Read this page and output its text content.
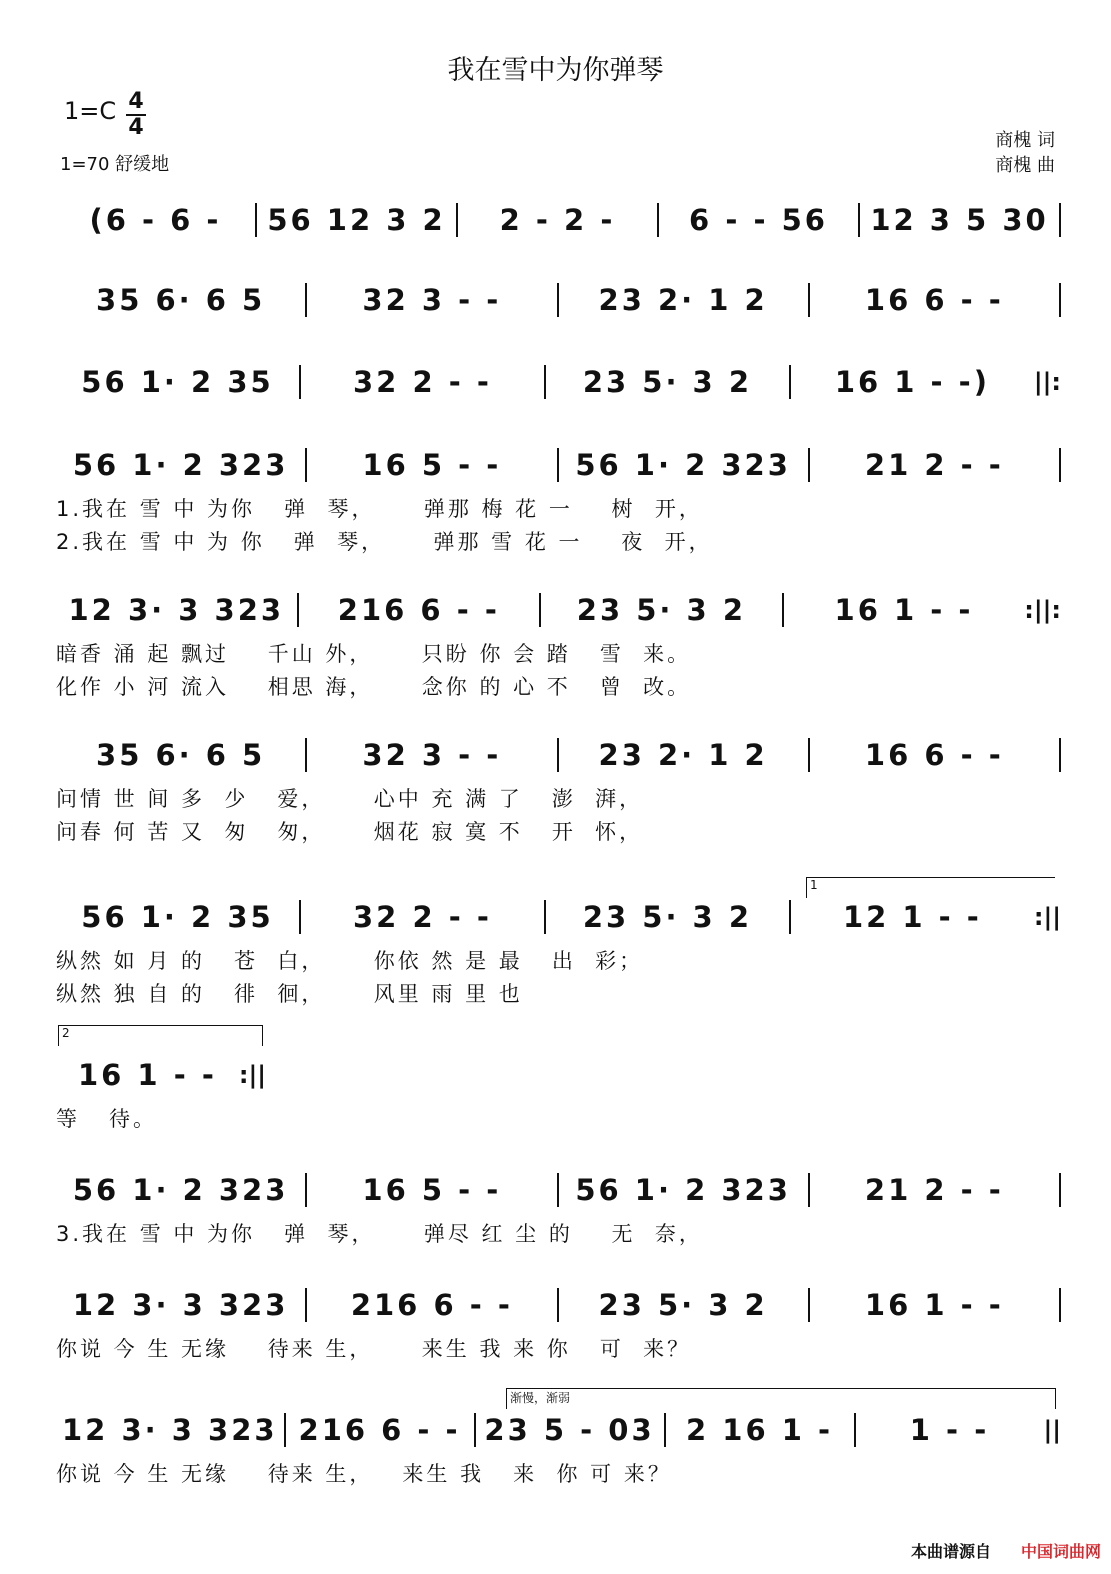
我在雪中为你弹琴
1=C 4
4
1=70 舒缓地
商槐 词
商槐 曲
(6 - 6 -	56 12 3 2	2 - 2 -	6 - - 56	12 3 5 30
35 6· 6 5	32 3 - -	23 2· 1 2	16 6 - -
56 1· 2 35	32 2 - -	23 5· 3 2	16 1 - -)	||:
56 1· 2 323	16 5 - -	56 1· 2 323	21 2 - -
1.我在 雪 中 为你   弹  琴，     弹那 梅 花 一    树  开，
2.我在 雪 中 为 你   弹  琴，     弹那 雪 花 一    夜  开，
12 3· 3 323	216 6 - -	23 5· 3 2	16 1 - -	:||:
暗香 涌 起 飘过    千山 外，     只盼 你 会 踏   雪  来。
化作 小 河 流入    相思 海，     念你 的 心 不   曾  改。
35 6· 6 5	32 3 - -	23 2· 1 2	16 6 - -
问情 世 间 多  少   爱，     心中 充 满 了   澎  湃，
问春 何 苦 又  匆   匆，     烟花 寂 寞 不   开  怀，
56 1· 2 35	32 2 - -	23 5· 3 2	12 1 - -	:||
1
纵然 如 月 的   苍  白，     你依 然 是 最   出  彩；
纵然 独 自 的   徘  徊，     风里 雨 里 也
16 1 - - :||
2
等   待。
56 1· 2 323	16 5 - -	56 1· 2 323	21 2 - -
3.我在 雪 中 为你   弹  琴，     弹尽 红 尘 的    无  奈，
12 3· 3 323	216 6 - -	23 5· 3 2	16 1 - -
你说 今 生 无缘    待来 生，     来生 我 来 你   可  来？
12 3· 3 323 216 6 - - 23 5 - 03	2 16 1 -	1 - -	||
渐慢，渐弱
你说 今 生 无缘    待来 生，   来生 我   来  你 可 来？
本曲谱源自 中国词曲网
